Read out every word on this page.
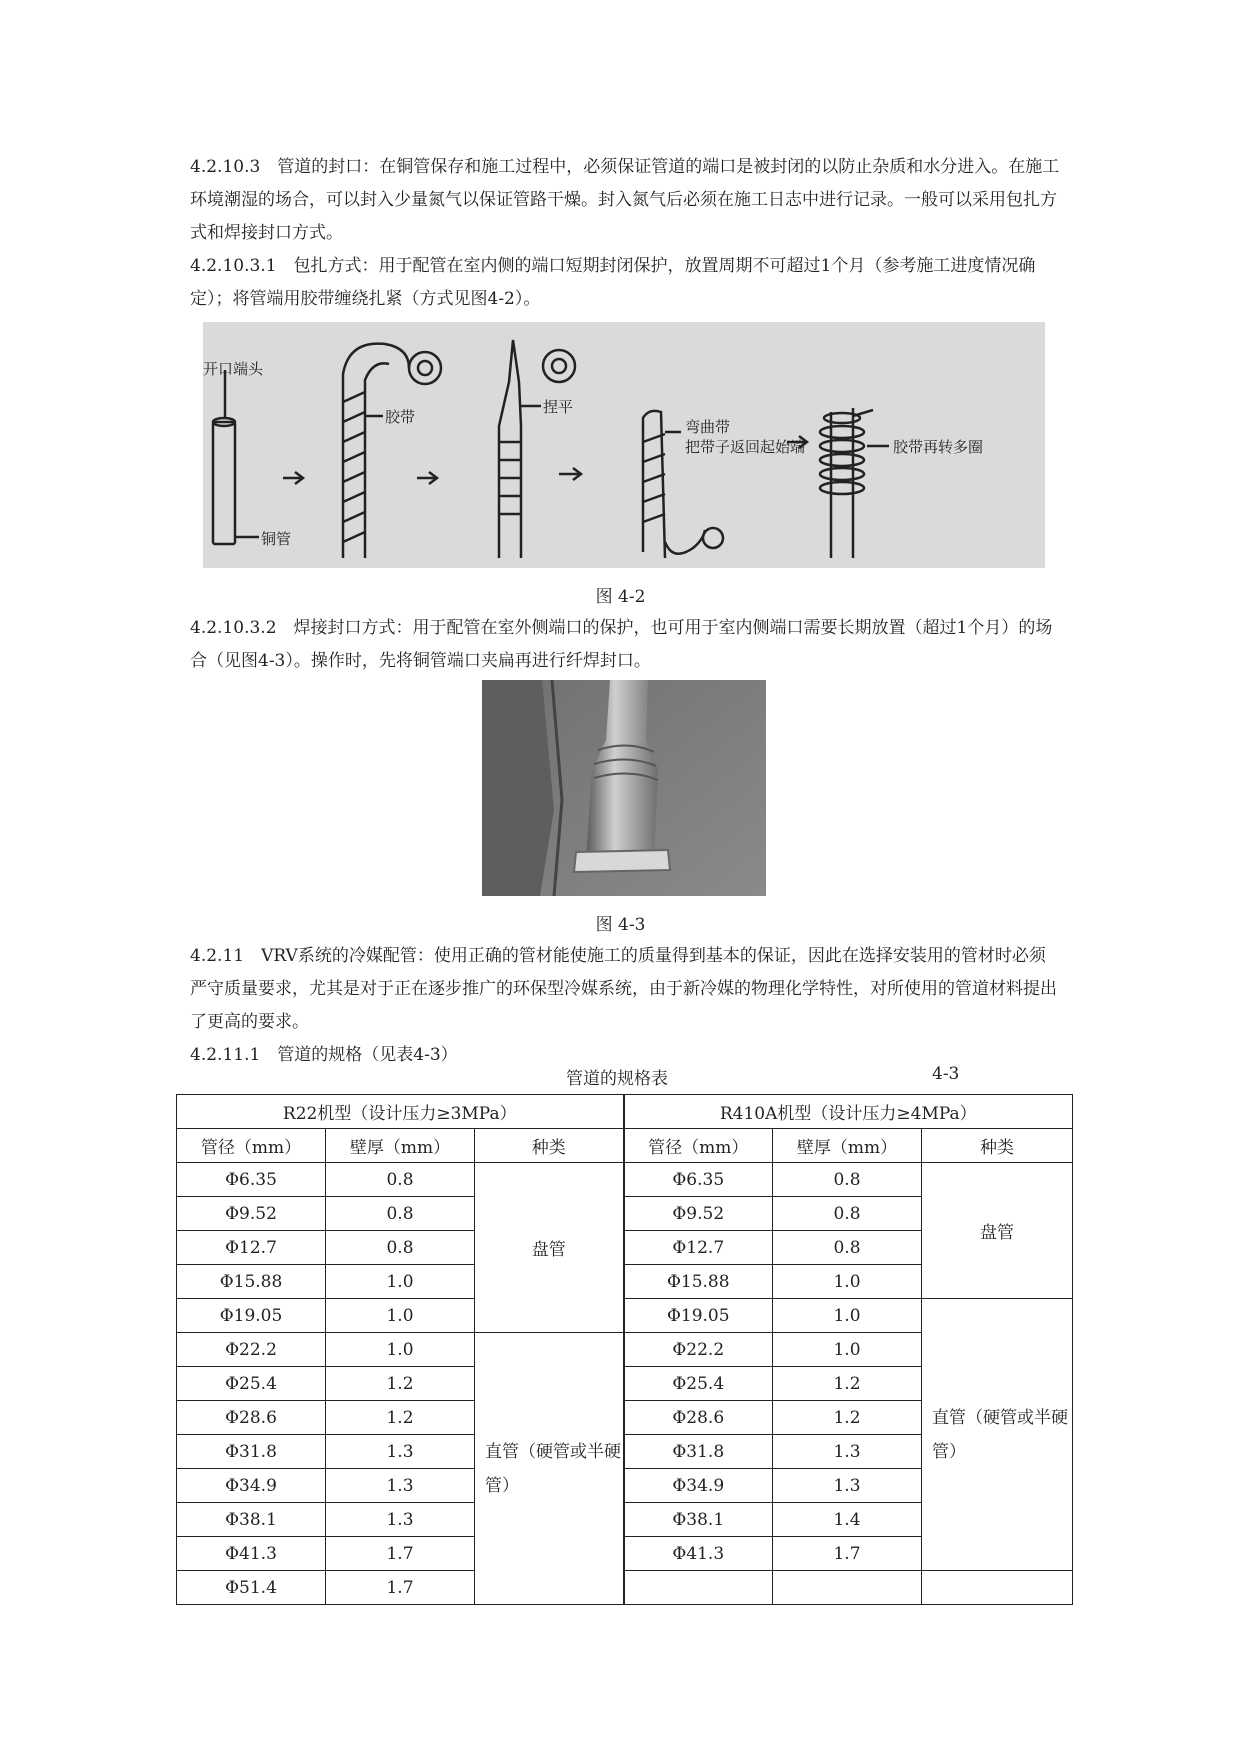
4.2.10.3　管道的封口：在铜管保存和施工过程中，必须保证管道的端口是被封闭的以防止杂质和水分进入。在施工环境潮湿的场合，可以封入少量氮气以保证管路干燥。封入氮气后必须在施工日志中进行记录。一般可以采用包扎方式和焊接封口方式。

4.2.10.3.1　包扎方式：用于配管在室内侧的端口短期封闭保护，放置周期不可超过1个月（参考施工进度情况确定）；将管端用胶带缠绕扎紧（方式见图4-2）。

开口端头
铜管
胶带
捏平
弯曲带
把带子返回起始端	胶带再转多圈
图 4-2

4.2.10.3.2　焊接封口方式：用于配管在室外侧端口的保护，也可用于室内侧端口需要长期放置（超过1个月）的场合（见图4-3）。操作时，先将铜管端口夹扁再进行纤焊封口。

图 4-3

4.2.11　VRV系统的冷媒配管：使用正确的管材能使施工的质量得到基本的保证，因此在选择安装用的管材时必须严守质量要求，尤其是对于正在逐步推广的环保型冷媒系统，由于新冷媒的物理化学特性，对所使用的管道材料提出了更高的要求。

4.2.11.1　管道的规格（见表4-3）

管道的规格表	4-3
R22机型（设计压力≥3MPa）			R410A机型（设计压力≥4MPa）		
管径（mm）	壁厚（mm）	种类	管径（mm）	壁厚（mm）	种类
Φ6.35	0.8	盘管	Φ6.35	0.8	盘管
Φ9.52	0.8		Φ9.52	0.8	
Φ12.7	0.8		Φ12.7	0.8	
Φ15.88	1.0		Φ15.88	1.0	
Φ19.05	1.0		Φ19.05	1.0	直管（硬管或半硬管）
Φ22.2	1.0	直管（硬管或半硬管）	Φ22.2	1.0	
Φ25.4	1.2		Φ25.4	1.2	
Φ28.6	1.2		Φ28.6	1.2	
Φ31.8	1.3		Φ31.8	1.3	
Φ34.9	1.3		Φ34.9	1.3	
Φ38.1	1.3		Φ38.1	1.4	
Φ41.3	1.7		Φ41.3	1.7	
Φ51.4	1.7				
